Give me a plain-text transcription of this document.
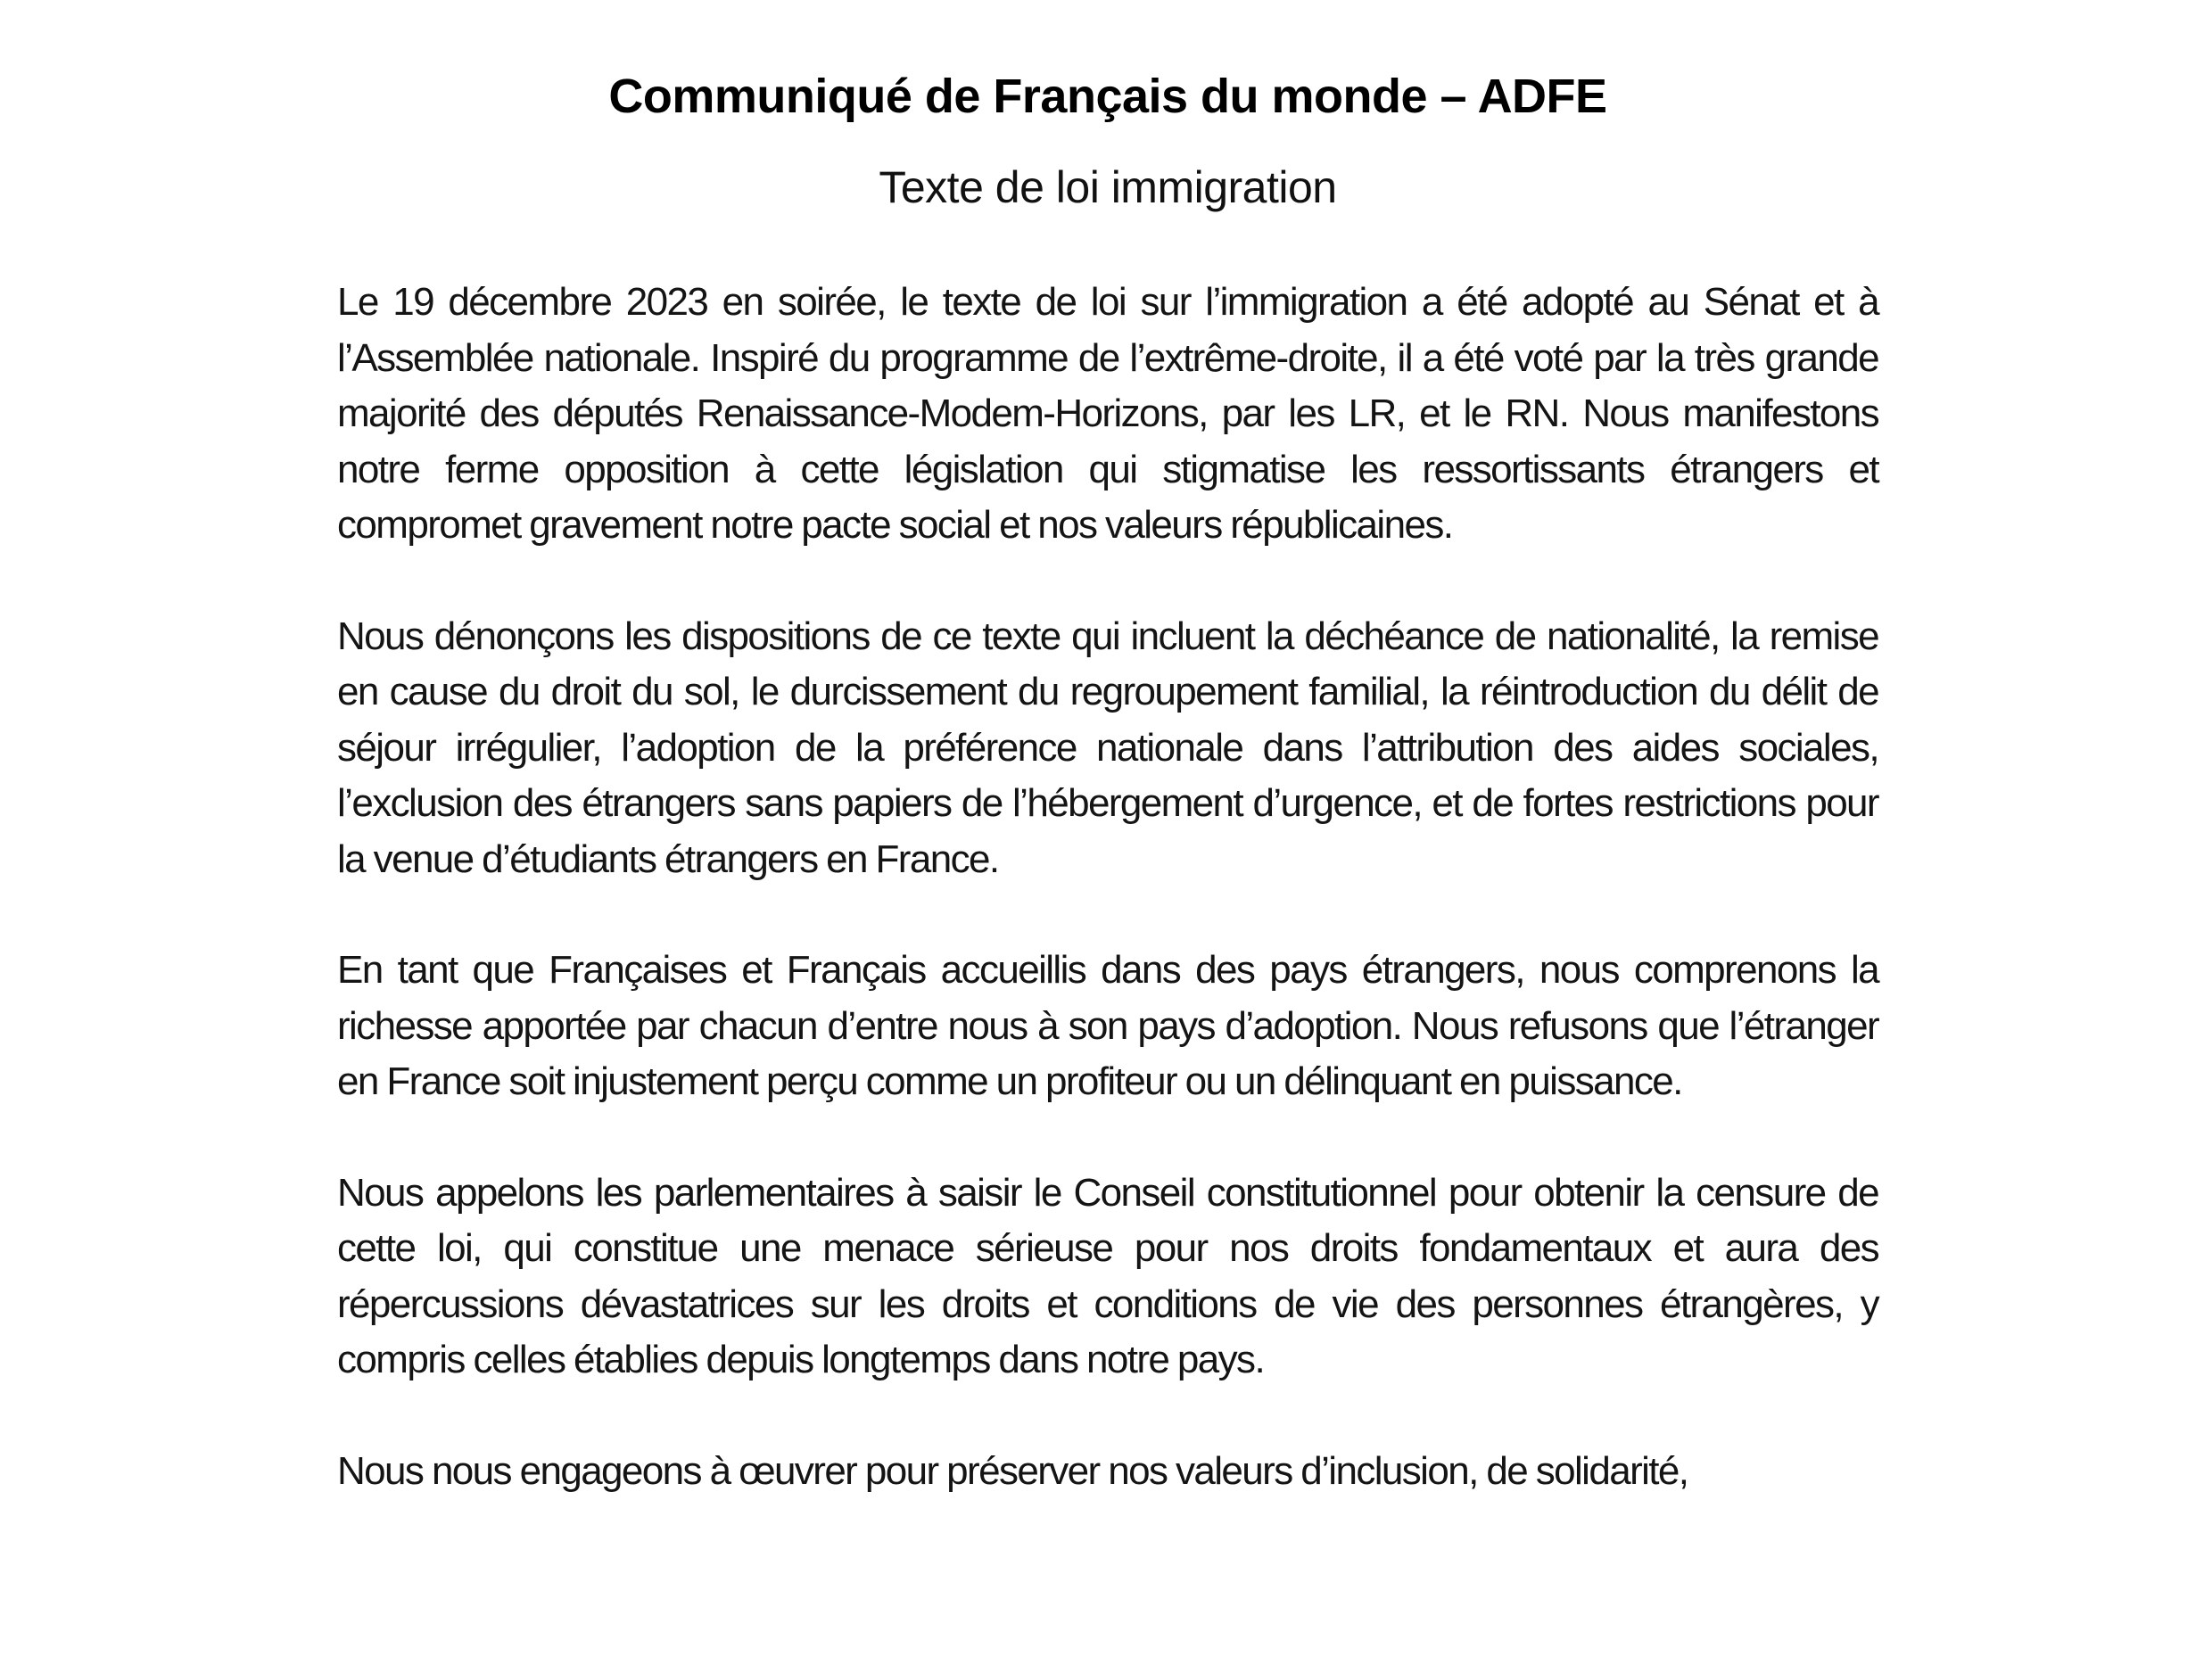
Communiqué de Français du monde – ADFE
Texte de loi immigration

Le 19 décembre 2023 en soirée, le texte de loi sur l’immigration a été adopté au Sénat et à l’Assemblée nationale. Inspiré du programme de l’extrême-droite, il a été voté par la très grande majorité des députés Renaissance-Modem-Horizons, par les LR, et le RN. Nous manifestons notre ferme opposition à cette législation qui stigmatise les ressortissants étrangers et compromet gravement notre pacte social et nos valeurs républicaines.

Nous dénonçons les dispositions de ce texte qui incluent la déchéance de nationalité, la remise en cause du droit du sol, le durcissement du regroupement familial, la réintroduction du délit de séjour irrégulier, l’adoption de la préférence nationale dans l’attribution des aides sociales, l’exclusion des étrangers sans papiers de l’hébergement d’urgence, et de fortes restrictions pour la venue d’étudiants étrangers en France.

En tant que Françaises et Français accueillis dans des pays étrangers, nous comprenons la richesse apportée par chacun d’entre nous à son pays d’adoption. Nous refusons que l’étranger en France soit injustement perçu comme un profiteur ou un délinquant en puissance.

Nous appelons les parlementaires à saisir le Conseil constitutionnel pour obtenir la censure de cette loi, qui constitue une menace sérieuse pour nos droits fondamentaux et aura des répercussions dévastatrices sur les droits et conditions de vie des personnes étrangères, y compris celles établies depuis longtemps dans notre pays.

Nous nous engageons à œuvrer pour préserver nos valeurs d’inclusion, de solidarité,
